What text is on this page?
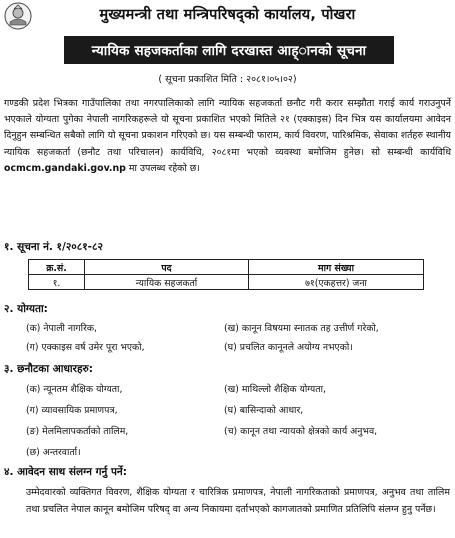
मुख्यमन्त्री तथा मन्त्रिपरिषद्को कार्यालय, पोखरा
न्यायिक सहजकर्ताका लागि दरखास्त आह्ानको सूचना
( सूचना प्रकाशित मिति : २०८१।०५।०२)
गण्डकी प्रदेश भित्रका गाउँपालिका तथा नगरपालिकाको लागि न्यायिक सहजकर्ता छनौट गरी करार सम्झौता गराई कार्य गराउनुपर्ने भएकाले योग्यता पुगेका नेपाली नागरिकहरूले यो सूचना प्रकाशित भएको मितिले २१ (एक्काइस) दिन भित्र यस कार्यालयमा आवेदन दिनुहुन सम्बन्धित सबैको लागि यो सूचना प्रकाशन गरिएको छ। यस सम्बन्धी फाराम, कार्य विवरण, पारिश्रमिक, सेवाका शर्तहरु स्थानीय न्यायिक सहजकर्ता (छनौट तथा परिचालन) कार्यविधि, २०८१मा भएको व्यवस्था बमोजिम हुनेछ। सो सम्बन्धी कार्यविधि ocmcm.gandaki.gov.np मा उपलब्ध रहेको छ।
१. सूचना नं. १/२०८१-८२
क्र.सं.	पद	माग संख्या
१.	न्यायिक सहजकर्ता	७१(एकहत्तर) जना
२. योग्यता:
(क) नेपाली नागरिक,	(ख) कानून विषयमा स्नातक तह उत्तीर्ण गरेको,
(ग) एक्काइस वर्ष उमेर पूरा भएको,	(घ) प्रचलित कानूनले अयोग्य नभएको।
३. छनौटका आधारहरु:
(क) न्यूनतम शैक्षिक योग्यता,	(ख) माथिल्लो शैक्षिक योग्यता,
(ग) व्यावसायिक प्रमाणपत्र,	(घ) बासिन्दाको आधार,
(ङ) मेलमिलापकर्ताको तालिम,	(च) कानून तथा न्यायको क्षेत्रको कार्य अनुभव,
(छ) अन्तरवार्ता।
४. आवेदन साथ संलग्न गर्नु पर्ने:
उम्मेदवारको व्यक्तिगत विवरण, शैक्षिक योग्यता र चारित्रिक प्रमाणपत्र, नेपाली नागरिकताको प्रमाणपत्र, अनुभव तथा तालिम तथा प्रचलित नेपाल कानून बमोजिम परिषद् वा अन्य निकायमा दर्ताभएको कागजातको प्रमाणित प्रतिलिपि संलग्न हुनु पर्नेछ।
